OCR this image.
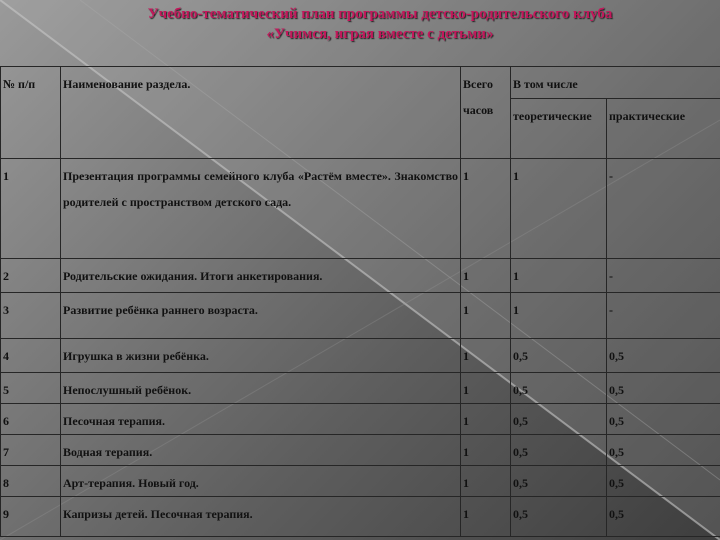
Учебно-тематический план программы детско-родительского клуба
«Учимся, играя вместе с детьми»
№ п/п	Наименование раздела.	Всего часов	В том числе	
			теоретические	практические
1	Презентация программы семейного клуба «Растём вместе». Знакомство родителей с пространством детского сада.	1	1	-
2	Родительские ожидания. Итоги анкетирования.	1	1	-
3	Развитие ребёнка раннего возраста.	1	1	-
4	Игрушка в жизни ребёнка.	1	0,5	0,5
5	Непослушный ребёнок.	1	0,5	0,5
6	Песочная терапия.	1	0,5	0,5
7	Водная терапия.	1	0,5	0,5
8	Арт-терапия. Новый год.	1	0,5	0,5
9	Капризы детей. Песочная терапия.	1	0,5	0,5
